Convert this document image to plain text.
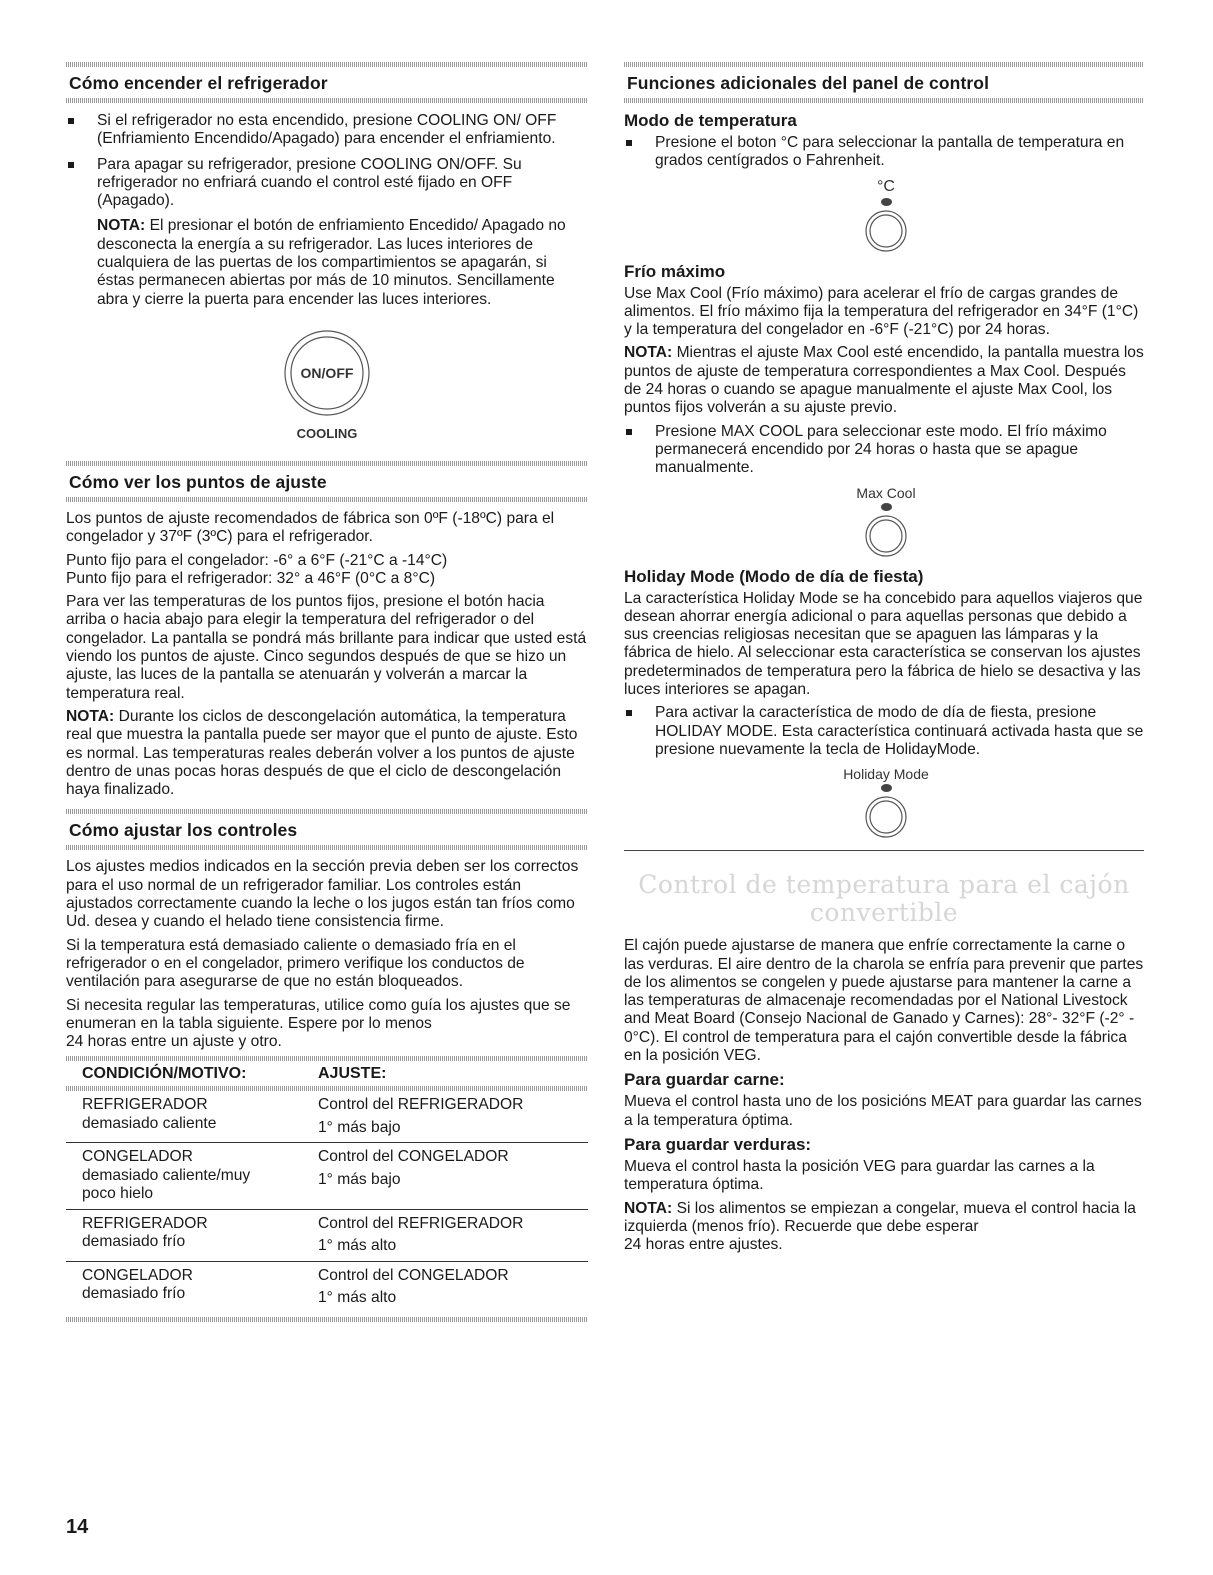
Cómo encender el refrigerador
Si el refrigerador no esta encendido, presione COOLING ON/ OFF (Enfriamiento Encendido/Apagado) para encender el enfriamiento.
Para apagar su refrigerador, presione COOLING ON/OFF. Su refrigerador no enfriará cuando el control esté fijado en OFF (Apagado).

NOTA: El presionar el botón de enfriamiento Encedido/ Apagado no desconecta la energía a su refrigerador. Las luces interiores de cualquiera de las puertas de los compartimientos se apagarán, si éstas permanecen abiertas por más de 10 minutos. Sencillamente abra y cierre la puerta para encender las luces interiores.

ON/OFF
COOLING
Cómo ver los puntos de ajuste

Los puntos de ajuste recomendados de fábrica son 0ºF (-18ºC) para el congelador y 37ºF (3ºC) para el refrigerador.

Punto fijo para el congelador: -6° a 6°F (-21°C a -14°C)
Punto fijo para el refrigerador: 32° a 46°F (0°C a 8°C)

Para ver las temperaturas de los puntos fijos, presione el botón hacia arriba o hacia abajo para elegir la temperatura del refrigerador o del congelador. La pantalla se pondrá más brillante para indicar que usted está viendo los puntos de ajuste. Cinco segundos después de que se hizo un ajuste, las luces de la pantalla se atenuarán y volverán a marcar la temperatura real.

NOTA: Durante los ciclos de descongelación automática, la temperatura real que muestra la pantalla puede ser mayor que el punto de ajuste. Esto es normal. Las temperaturas reales deberán volver a los puntos de ajuste dentro de unas pocas horas después de que el ciclo de descongelación haya finalizado.

Cómo ajustar los controles

Los ajustes medios indicados en la sección previa deben ser los correctos para el uso normal de un refrigerador familiar. Los controles están ajustados correctamente cuando la leche o los jugos están tan fríos como Ud. desea y cuando el helado tiene consistencia firme.

Si la temperatura está demasiado caliente o demasiado fría en el refrigerador o en el congelador, primero verifique los conductos de ventilación para asegurarse de que no están bloqueados.

Si necesita regular las temperaturas, utilice como guía los ajustes que se enumeran en la tabla siguiente. Espere por lo menos
24 horas entre un ajuste y otro.

CONDICIÓN/MOTIVO:	AJUSTE:
REFRIGERADOR
demasiado caliente
Control del REFRIGERADOR
1° más bajo
CONGELADOR
demasiado caliente/muy poco hielo
Control del CONGELADOR
1° más bajo
REFRIGERADOR
demasiado frío
Control del REFRIGERADOR
1° más alto
CONGELADOR
demasiado frío
Control del CONGELADOR
1° más alto
Funciones adicionales del panel de control
Modo de temperatura
Presione el boton °C para seleccionar la pantalla de temperatura en grados centígrados o Fahrenheit.
°C
Frío máximo

Use Max Cool (Frío máximo) para acelerar el frío de cargas grandes de alimentos. El frío máximo fija la temperatura del refrigerador en 34°F (1°C) y la temperatura del congelador en -6°F (-21°C) por 24 horas.

NOTA: Mientras el ajuste Max Cool esté encendido, la pantalla muestra los puntos de ajuste de temperatura correspondientes a Max Cool. Después de 24 horas o cuando se apague manualmente el ajuste Max Cool, los puntos fijos volverán a su ajuste previo.

Presione MAX COOL para seleccionar este modo. El frío máximo permanecerá encendido por 24 horas o hasta que se apague manualmente.
Max Cool
Holiday Mode (Modo de día de fiesta)

La característica Holiday Mode se ha concebido para aquellos viajeros que desean ahorrar energía adicional o para aquellas personas que debido a sus creencias religiosas necesitan que se apaguen las lámparas y la fábrica de hielo. Al seleccionar esta característica se conservan los ajustes predeterminados de temperatura pero la fábrica de hielo se desactiva y las luces interiores se apagan.

Para activar la característica de modo de día de fiesta, presione HOLIDAY MODE. Esta característica continuará activada hasta que se presione nuevamente la tecla de HolidayMode.
Holiday Mode
Control de temperatura para el cajón convertible

El cajón puede ajustarse de manera que enfríe correctamente la carne o las verduras. El aire dentro de la charola se enfría para prevenir que partes de los alimentos se congelen y puede ajustarse para mantener la carne a las temperaturas de almacenaje recomendadas por el National Livestock and Meat Board (Consejo Nacional de Ganado y Carnes): 28°- 32°F (-2° - 0°C). El control de temperatura para el cajón convertible desde la fábrica en la posición VEG.

Para guardar carne:

Mueva el control hasta uno de los posicións MEAT para guardar las carnes a la temperatura óptima.

Para guardar verduras:

Mueva el control hasta la posición VEG para guardar las carnes a la temperatura óptima.

NOTA: Si los alimentos se empiezan a congelar, mueva el control hacia la izquierda (menos frío). Recuerde que debe esperar
24 horas entre ajustes.

14
